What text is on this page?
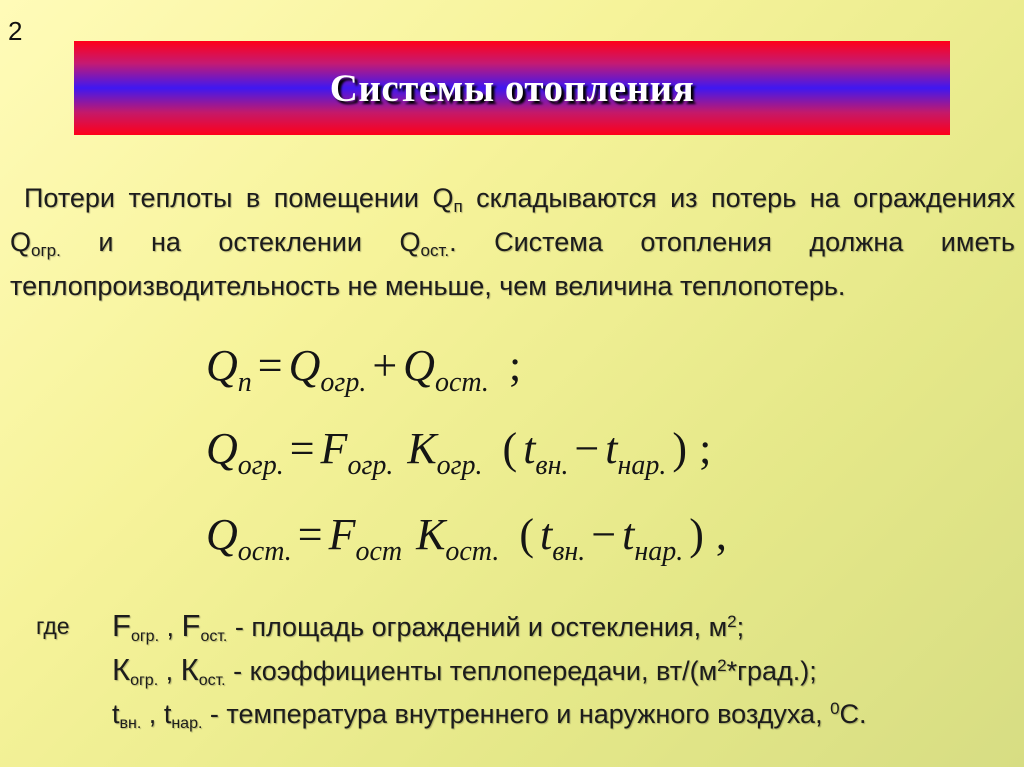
2
Системы отопления
Потери теплоты в помещении $Q_п$ складываются из потерь на ограждениях $Q_{огр.}$ и на остеклении $Q_{ост.}$. Система отопления должна иметь теплопроизводительность не меньше, чем величина теплопотерь.
$Q_п = Q_{огр.} + Q_{ост.}$ ;
$Q_{огр.} = F_{огр.}$ $К_{огр.}$ ( $t_{вн.} - t_{нар.}$ ) ;
$Q_{ост.} = F_{ост}$ $К_{ост.}$ ( $t_{вн.} - t_{нар.}$ ) ,
где $F_{огр.}$ , $F_{ост.}$ - площадь ограждений и остекления, $м^2$;
$К_{огр.}$ , $К_{ост.}$ - коэффициенты теплопередачи, $вт/(м^2*град.)$;
$t_{вн.}$ , $t_{нар.}$ - температура внутреннего и наружного воздуха, $^0$С.
